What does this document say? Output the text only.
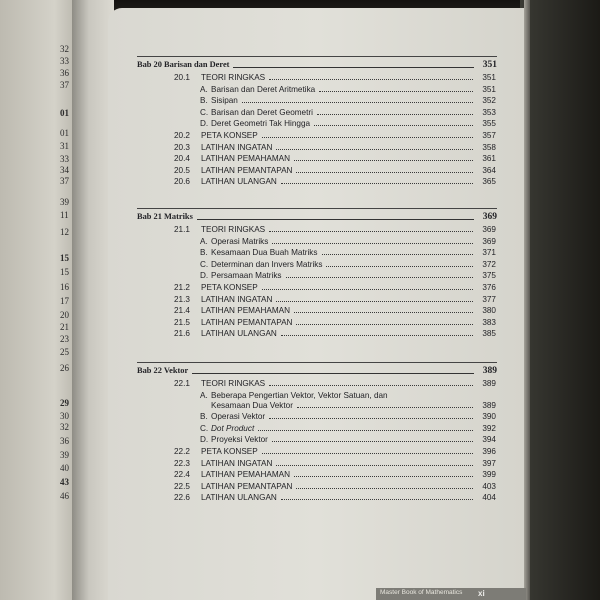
32
33
36
37
01
01
31
33
34
37
39
11
12
15
15
16
17
20
21
23
25
26
29
30
32
36
39
40
43
46
Bab 20 Barisan dan Deret	351
20.1	TEORI RINGKAS	351
A. Barisan dan Deret Aritmetika	351
B. Sisipan	352
C. Barisan dan Deret Geometri	353
D. Deret Geometri Tak Hingga	355
20.2	PETA KONSEP	357
20.3	LATIHAN INGATAN	358
20.4	LATIHAN PEMAHAMAN	361
20.5	LATIHAN PEMANTAPAN	364
20.6	LATIHAN ULANGAN	365
Bab 21 Matriks	369
21.1	TEORI RINGKAS	369
A. Operasi Matriks	369
B. Kesamaan Dua Buah Matriks	371
C. Determinan dan Invers Matriks	372
D. Persamaan Matriks	375
21.2	PETA KONSEP	376
21.3	LATIHAN INGATAN	377
21.4	LATIHAN PEMAHAMAN	380
21.5	LATIHAN PEMANTAPAN	383
21.6	LATIHAN ULANGAN	385
Bab 22 Vektor	389
22.1	TEORI RINGKAS	389
A. Beberapa Pengertian Vektor, Vektor Satuan, dan
Kesamaan Dua Vektor	389
B. Operasi Vektor	390
C. Dot Product	392
D. Proyeksi Vektor	394
22.2	PETA KONSEP	396
22.3	LATIHAN INGATAN	397
22.4	LATIHAN PEMAHAMAN	399
22.5	LATIHAN PEMANTAPAN	403
22.6	LATIHAN ULANGAN	404
Master Book of Mathematics xi
